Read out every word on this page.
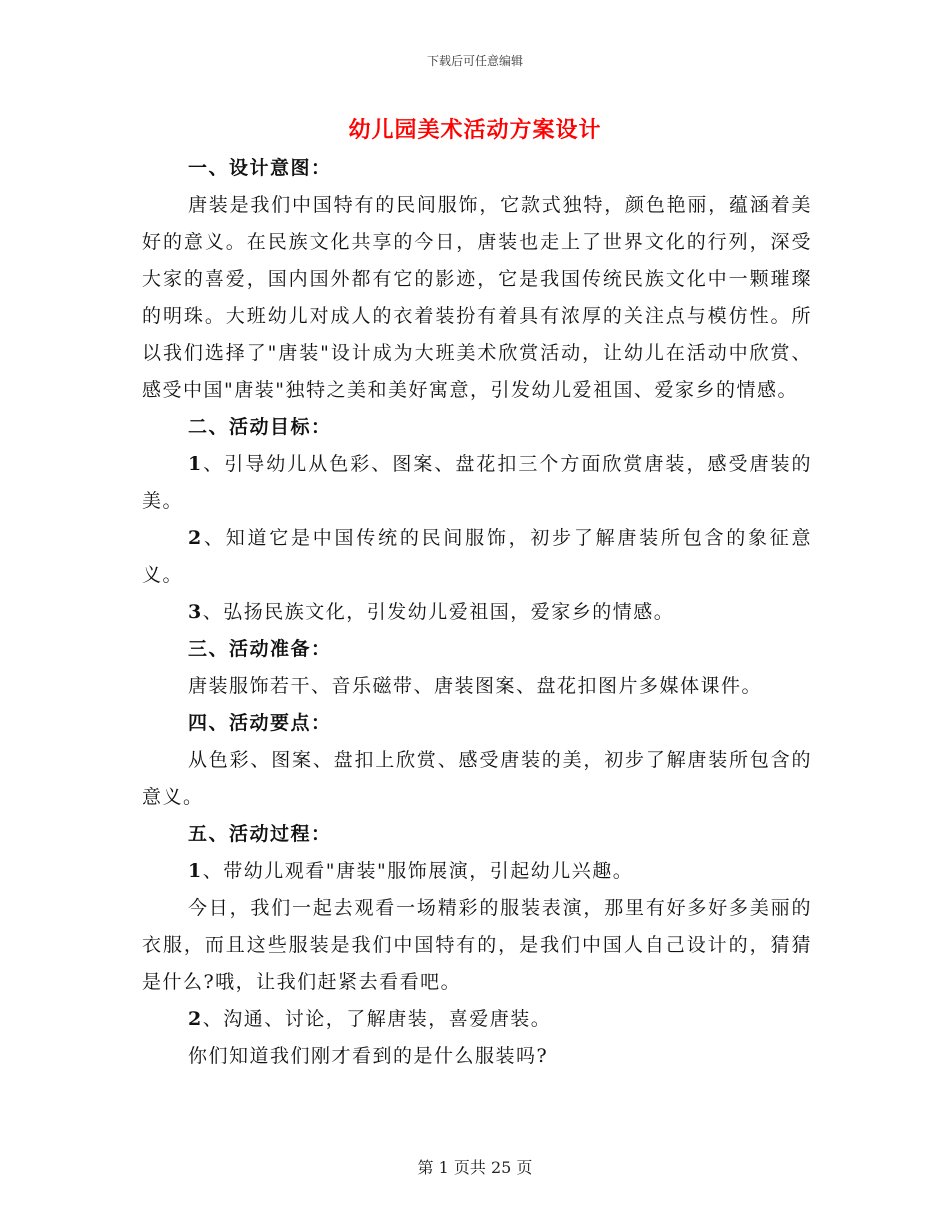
下载后可任意编辑
幼儿园美术活动方案设计

一、设计意图：

唐装是我们中国特有的民间服饰，它款式独特，颜色艳丽，蕴涵着美好的意义。在民族文化共享的今日，唐装也走上了世界文化的行列，深受大家的喜爱，国内国外都有它的影迹，它是我国传统民族文化中一颗璀璨的明珠。大班幼儿对成人的衣着装扮有着具有浓厚的关注点与模仿性。所以我们选择了"唐装"设计成为大班美术欣赏活动，让幼儿在活动中欣赏、感受中国"唐装"独特之美和美好寓意，引发幼儿爱祖国、爱家乡的情感。

二、活动目标：

1、引导幼儿从色彩、图案、盘花扣三个方面欣赏唐装，感受唐装的美。

2、知道它是中国传统的民间服饰，初步了解唐装所包含的象征意义。

3、弘扬民族文化，引发幼儿爱祖国，爱家乡的情感。

三、活动准备：

唐装服饰若干、音乐磁带、唐装图案、盘花扣图片多媒体课件。

四、活动要点：

从色彩、图案、盘扣上欣赏、感受唐装的美，初步了解唐装所包含的意义。

五、活动过程：

1、带幼儿观看"唐装"服饰展演，引起幼儿兴趣。

今日，我们一起去观看一场精彩的服装表演，那里有好多好多美丽的衣服，而且这些服装是我们中国特有的，是我们中国人自己设计的，猜猜是什么?哦，让我们赶紧去看看吧。

2、沟通、讨论，了解唐装，喜爱唐装。

你们知道我们刚才看到的是什么服装吗?

第 1 页共 25 页
